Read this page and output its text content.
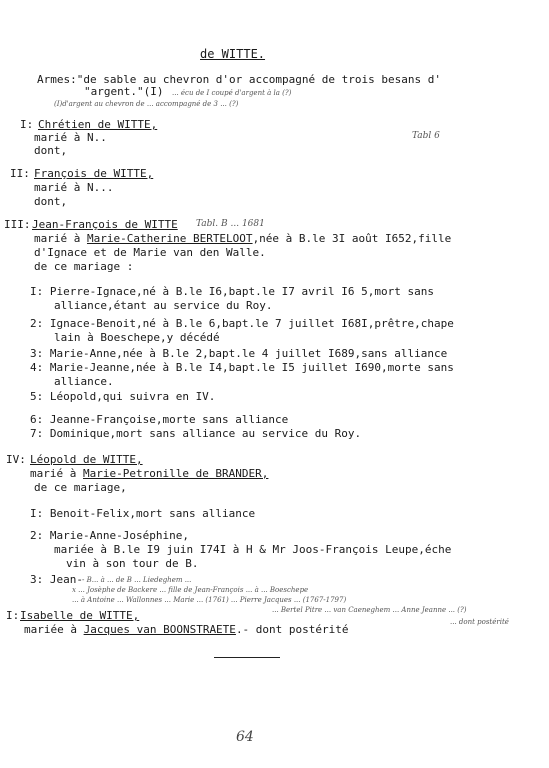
de WITTE.
Armes:"de sable au chevron d'or accompagné de trois besans d'
"argent."(I) ... écu de I coupé d'argent à la (?)
(I)d'argent au chevron de ... accompagné de 3 ... (?)
I: Chrétien de WITTE,
Tabl 6
marié à N..
dont,
II: François de WITTE,
marié à N...
dont,
III: Jean-François de WITTE Tabl. B ... 1681
marié à Marie-Catherine BERTELOOT,née à B.le 3I août I652,fille
d'Ignace et de Marie van den Walle.
de ce mariage :
I: Pierre-Ignace,né à B.le I6,bapt.le I7 avril I6 5,mort sans
alliance,étant au service du Roy.
2: Ignace-Benoit,né à B.le 6,bapt.le 7 juillet I68I,prêtre,chape
lain à Boeschepe,y décédé
3: Marie-Anne,née à B.le 2,bapt.le 4 juillet I689,sans alliance
4: Marie-Jeanne,née à B.le I4,bapt.le I5 juillet I690,morte sans
alliance.
5: Léopold,qui suivra en IV.
6: Jeanne-Françoise,morte sans alliance
7: Dominique,mort sans alliance au service du Roy.
IV: Léopold de WITTE,
marié à Marie-Petronille de BRANDER,
de ce mariage,
I: Benoit-Felix,mort sans alliance
2: Marie-Anne-Joséphine,
mariée à B.le I9 juin I74I à H & Mr Joos-François Leupe,éche
vin à son tour de B.
3: Jean- - B... à ... de B ... Liedeghem ...
x ... Josèphe de Backere ... fille de Jean-François ... à ... Boeschepe
... à Antoine ... Wallonnes ... Marie ... (1761) ... Pierre Jacques ... (1767-1797)
... Bertel Pitre ... van Caeneghem ... Anne Jeanne ... (?)
... dont postérité
I: Isabelle de WITTE,
mariée à Jacques van BOONSTRAETE.- dont postérité
64
